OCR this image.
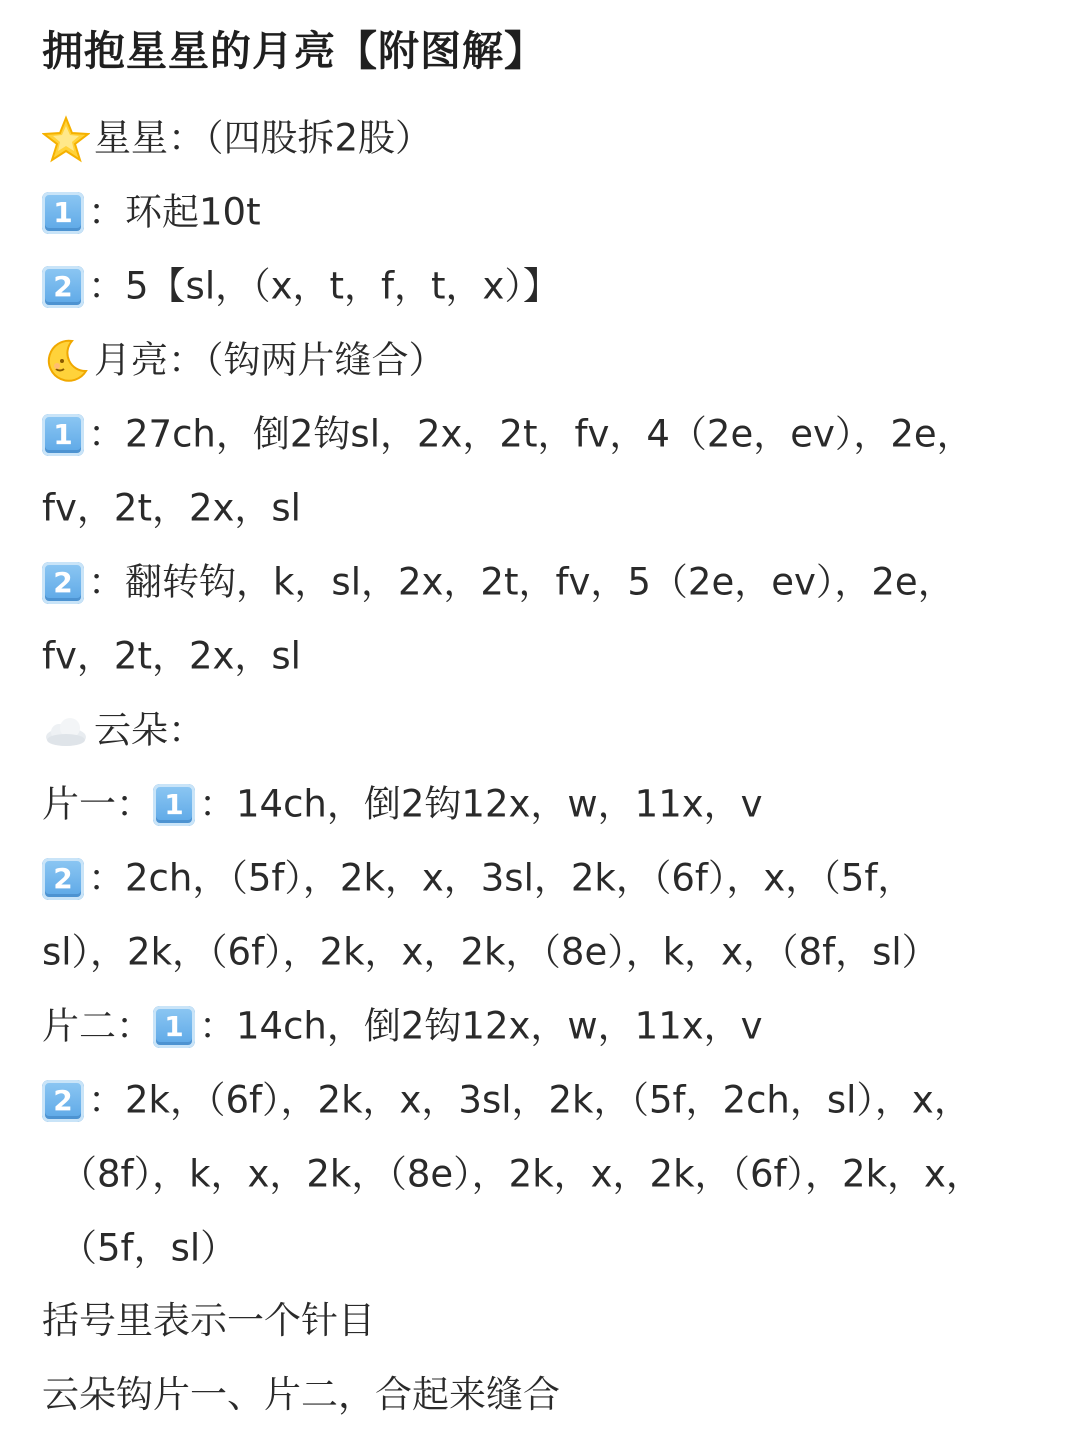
拥抱星星的月亮【附图解】
星星：（四股拆2股）
1 ：环起10t
2 ：5【sl，（x，t，f，t，x）】
月亮：（钩两片缝合）
1 ：27ch，倒2钩sl，2x，2t，fv，4（2e，ev），2e，
fv，2t，2x，sl
2 ：翻转钩，k，sl，2x，2t，fv，5（2e，ev），2e，
fv，2t，2x，sl
云朵：
片一： 1 ：14ch，倒2钩12x，w，11x，v
2 ：2ch，（5f），2k，x，3sl，2k，（6f），x，（5f，
sl），2k，（6f），2k，x，2k，（8e），k，x，（8f，sl）
片二： 1 ：14ch，倒2钩12x，w，11x，v
2 ：2k，（6f），2k，x，3sl，2k，（5f，2ch，sl），x，
（8f），k，x，2k，（8e），2k，x，2k，（6f），2k，x，
（5f，sl）
括号里表示一个针目
云朵钩片一、片二，合起来缝合
